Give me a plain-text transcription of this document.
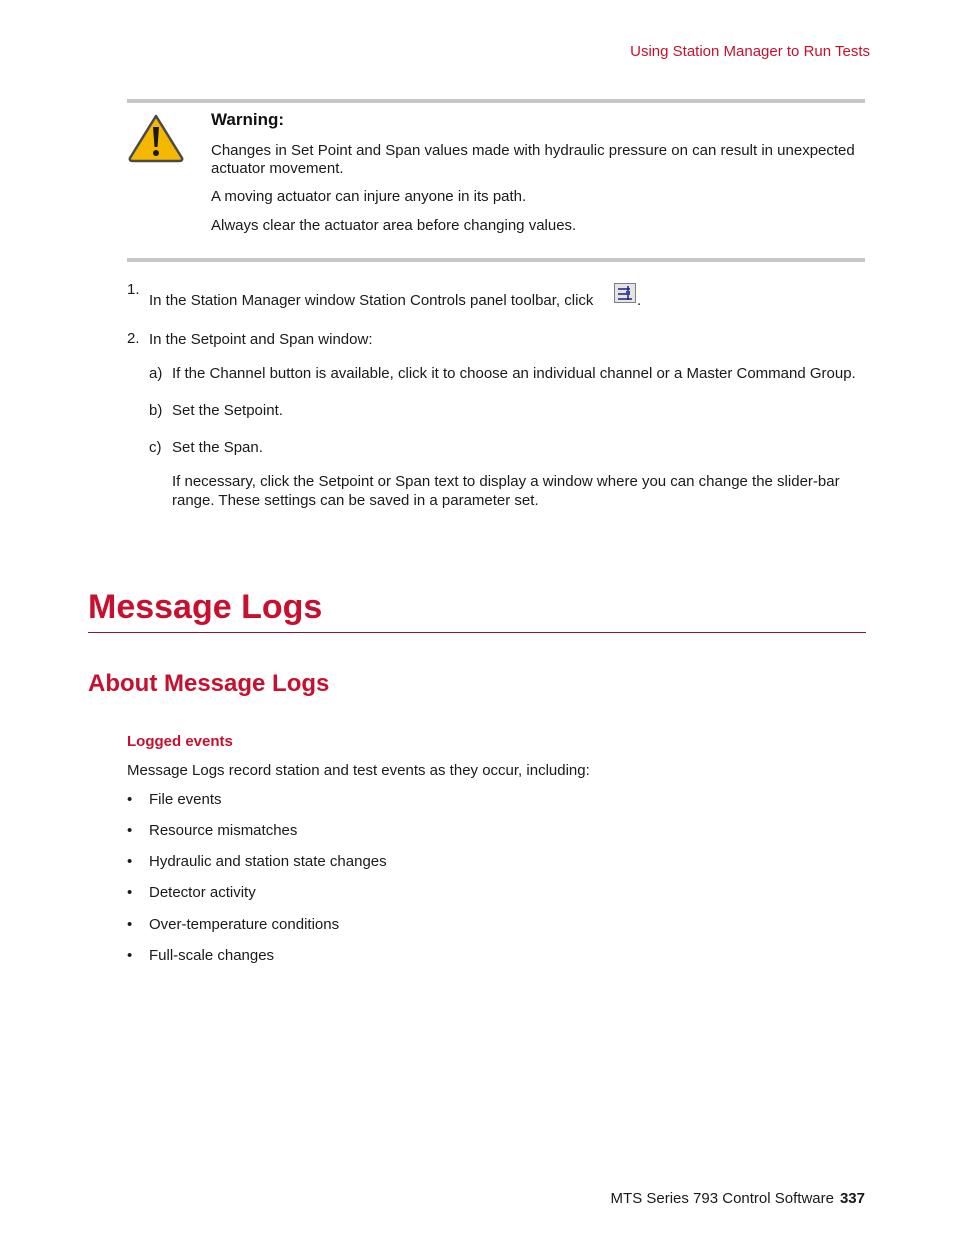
Using Station Manager to Run Tests
Warning:
Changes in Set Point and Span values made with hydraulic pressure on can result in unexpected
actuator movement.
A moving actuator can injure anyone in its path.
Always clear the actuator area before changing values.
1.
In the Station Manager window Station Controls panel toolbar, click	.
2. In the Setpoint and Span window:
a) If the Channel button is available, click it to choose an individual channel or a Master Command Group.
b) Set the Setpoint.
c) Set the Span.
If necessary, click the Setpoint or Span text to display a window where you can change the slider-bar
range. These settings can be saved in a parameter set.
Message Logs
About Message Logs
Logged events
Message Logs record station and test events as they occur, including:
• File events
• Resource mismatches
• Hydraulic and station state changes
• Detector activity
• Over-temperature conditions
• Full-scale changes
MTS Series 793 Control Software 337
